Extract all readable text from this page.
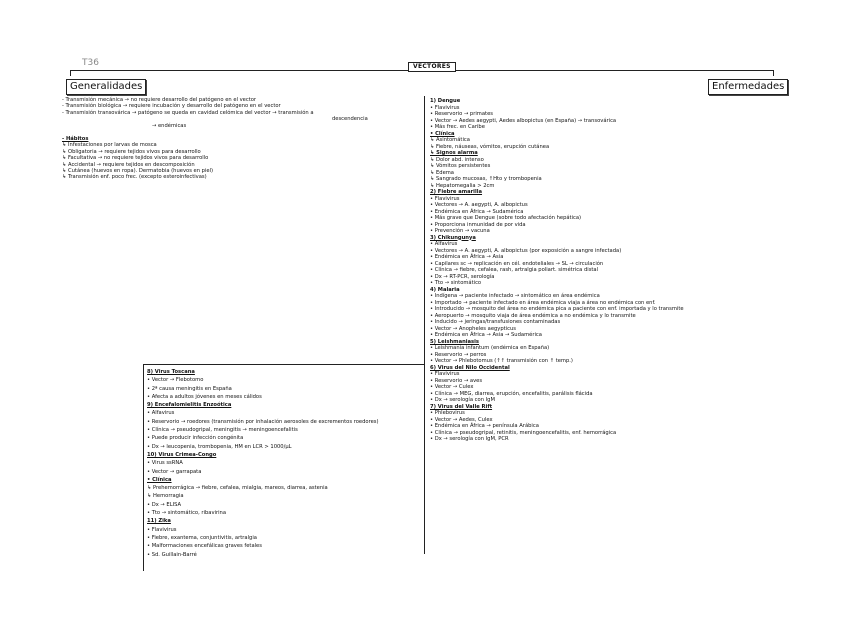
T36	VECTORES
Generalidades	Enfermedades
- Transmisión mecánica → no requiere desarrollo del patógeno en el vector
- Transmisión biológica → requiere incubación y desarrollo del patógeno en el vector
- Transmisión transovárica → patógeno se queda en cavidad celómica del vector → transmisión a
descendencia
→ endémicas
- Hábitos
↳ Infestaciones por larvas de mosca
↳ Obligatoria → requiere tejidos vivos para desarrollo
↳ Facultativa → no requiere tejidos vivos para desarrollo
↳ Accidental → requiere tejidos en descomposición
↳ Cutánea (huevos en ropa). Dermatobia (huevos en piel)
↳ Transmisión enf. poco frec. (excepto esteroinfectivas)
1) Dengue
• Flavivirus
• Reservorio → primates
• Vector → Aedes aegypti, Aedes albopictus (en España) → transovárica
• Más frec. en Caribe
• Clínica
↳ Asintomática
↳ Fiebre, náuseas, vómitos, erupción cutánea
↳ Signos alarma
↳ Dolor abd. intenso
↳ Vómitos persistentes
↳ Edema
↳ Sangrado mucosas, ↑Hto y trombopenia
↳ Hepatomegalia > 2cm
2) Fiebre amarilla
• Flavivirus
• Vectores → A. aegypti, A. albopictus
• Endémica en África → Sudamérica
• Más grave que Dengue (sobre todo afectación hepática)
• Proporciona inmunidad de por vida
• Prevención → vacuna
3) Chikungunya
• Alfavirus
• Vectores → A. aegypti, A. albopictus (por exposición a sangre infectada)
• Endémica en África → Asia
• Capilares sc → replicación en cél. endoteliales → SL → circulación
• Clínica → fiebre, cefalea, rash, artralgia poliart. simétrica distal
• Dx → RT-PCR, serología
• Tto → sintomático
4) Malaria
• Indígena → paciente infectado → sintomático en área endémica
• Importado → paciente infectado en área endémica viaja a área no endémica con enf.
• Introducido → mosquito del área no endémica pica a paciente con enf. importada y lo transmite
• Aeropuerto → mosquito viaja de área endémica a no endémica y lo transmite
• Inducido → jeringas/transfusiones contaminadas
• Vector → Anopheles aegypticus
• Endémica en África → Asia → Sudamérica
5) Leishmaniasis
• Leishmania infantum (endémica en España)
• Reservorio → perros
• Vector → Phlebotomus (↑↑ transmisión con ↑ temp.)
6) Virus del Nilo Occidental
• Flavivirus
• Reservorio → aves
• Vector → Culex
• Clínica → MEG, diarrea, erupción, encefalitis, parálisis flácida
• Dx → serología con IgM
7) Virus del Valle Rift
• Phlebovirus
• Vector → Aedes, Culex
• Endémica en África → península Arábica
• Clínica → pseudogripal, retinitis, meningoencefalitis, enf. hemorrágica
• Dx → serología con IgM, PCR
8) Virus Toscana
• Vector → Flebotomo
• 2ª causa meningitis en España
• Afecta a adultos jóvenes en meses cálidos
9) Encefalomielitis Enzoótica
• Alfavirus
• Reservorio → roedores (transmisión por inhalación aerosoles de excrementos roedores)
• Clínica → pseudogripal, meningitis → meningoencefalitis
• Puede producir infección congénita
• Dx → leucopenia, trombopenia, HM en LCR > 1000/μL
10) Virus Crimea-Congo
• Virus ssRNA
• Vector → garrapata
• Clínica
↳ Prehemorrágica → fiebre, cefalea, mialgia, mareos, diarrea, astenia
↳ Hemorragia
• Dx → ELISA
• Tto → sintomático, ribavirina
11) Zika
• Flavivirus
• Fiebre, exantema, conjuntivitis, artralgia
• Malformaciones encefálicas graves fetales
• Sd. Guillain-Barré
